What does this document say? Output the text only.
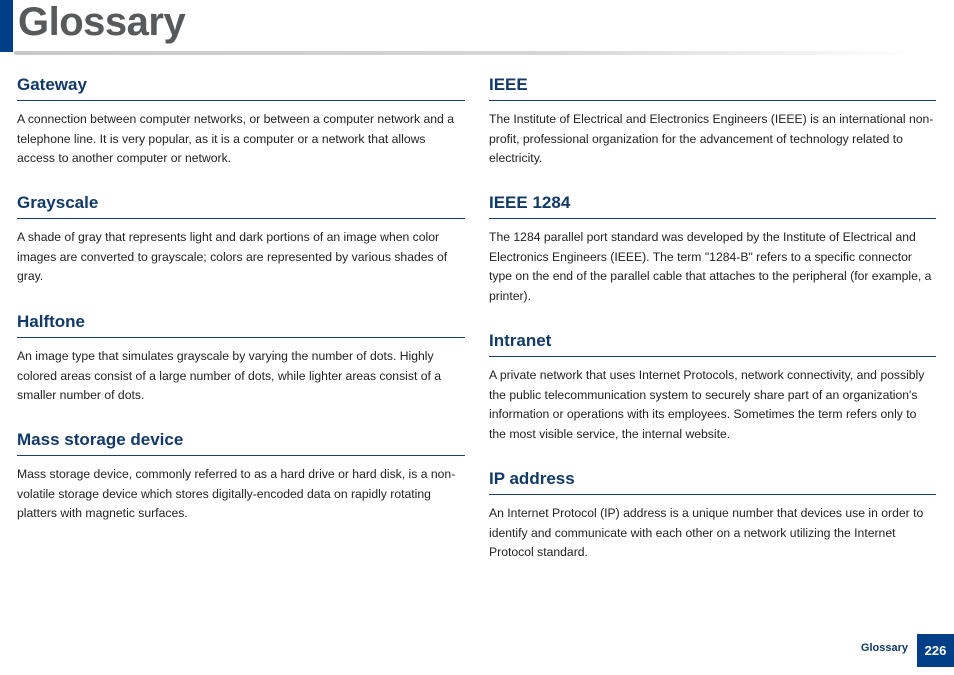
Glossary
Gateway

A connection between computer networks, or between a computer network and a telephone line. It is very popular, as it is a computer or a network that allows access to another computer or network.

Grayscale

A shade of gray that represents light and dark portions of an image when color images are converted to grayscale; colors are represented by various shades of gray.

Halftone

An image type that simulates grayscale by varying the number of dots. Highly colored areas consist of a large number of dots, while lighter areas consist of a smaller number of dots.

Mass storage device

Mass storage device, commonly referred to as a hard drive or hard disk, is a non-volatile storage device which stores digitally-encoded data on rapidly rotating platters with magnetic surfaces.

IEEE

The Institute of Electrical and Electronics Engineers (IEEE) is an international non-profit, professional organization for the advancement of technology related to electricity.

IEEE 1284

The 1284 parallel port standard was developed by the Institute of Electrical and Electronics Engineers (IEEE). The term "1284-B" refers to a specific connector type on the end of the parallel cable that attaches to the peripheral (for example, a printer).

Intranet

A private network that uses Internet Protocols, network connectivity, and possibly the public telecommunication system to securely share part of an organization's information or operations with its employees. Sometimes the term refers only to the most visible service, the internal website.

IP address

An Internet Protocol (IP) address is a unique number that devices use in order to identify and communicate with each other on a network utilizing the Internet Protocol standard.

Glossary	226
